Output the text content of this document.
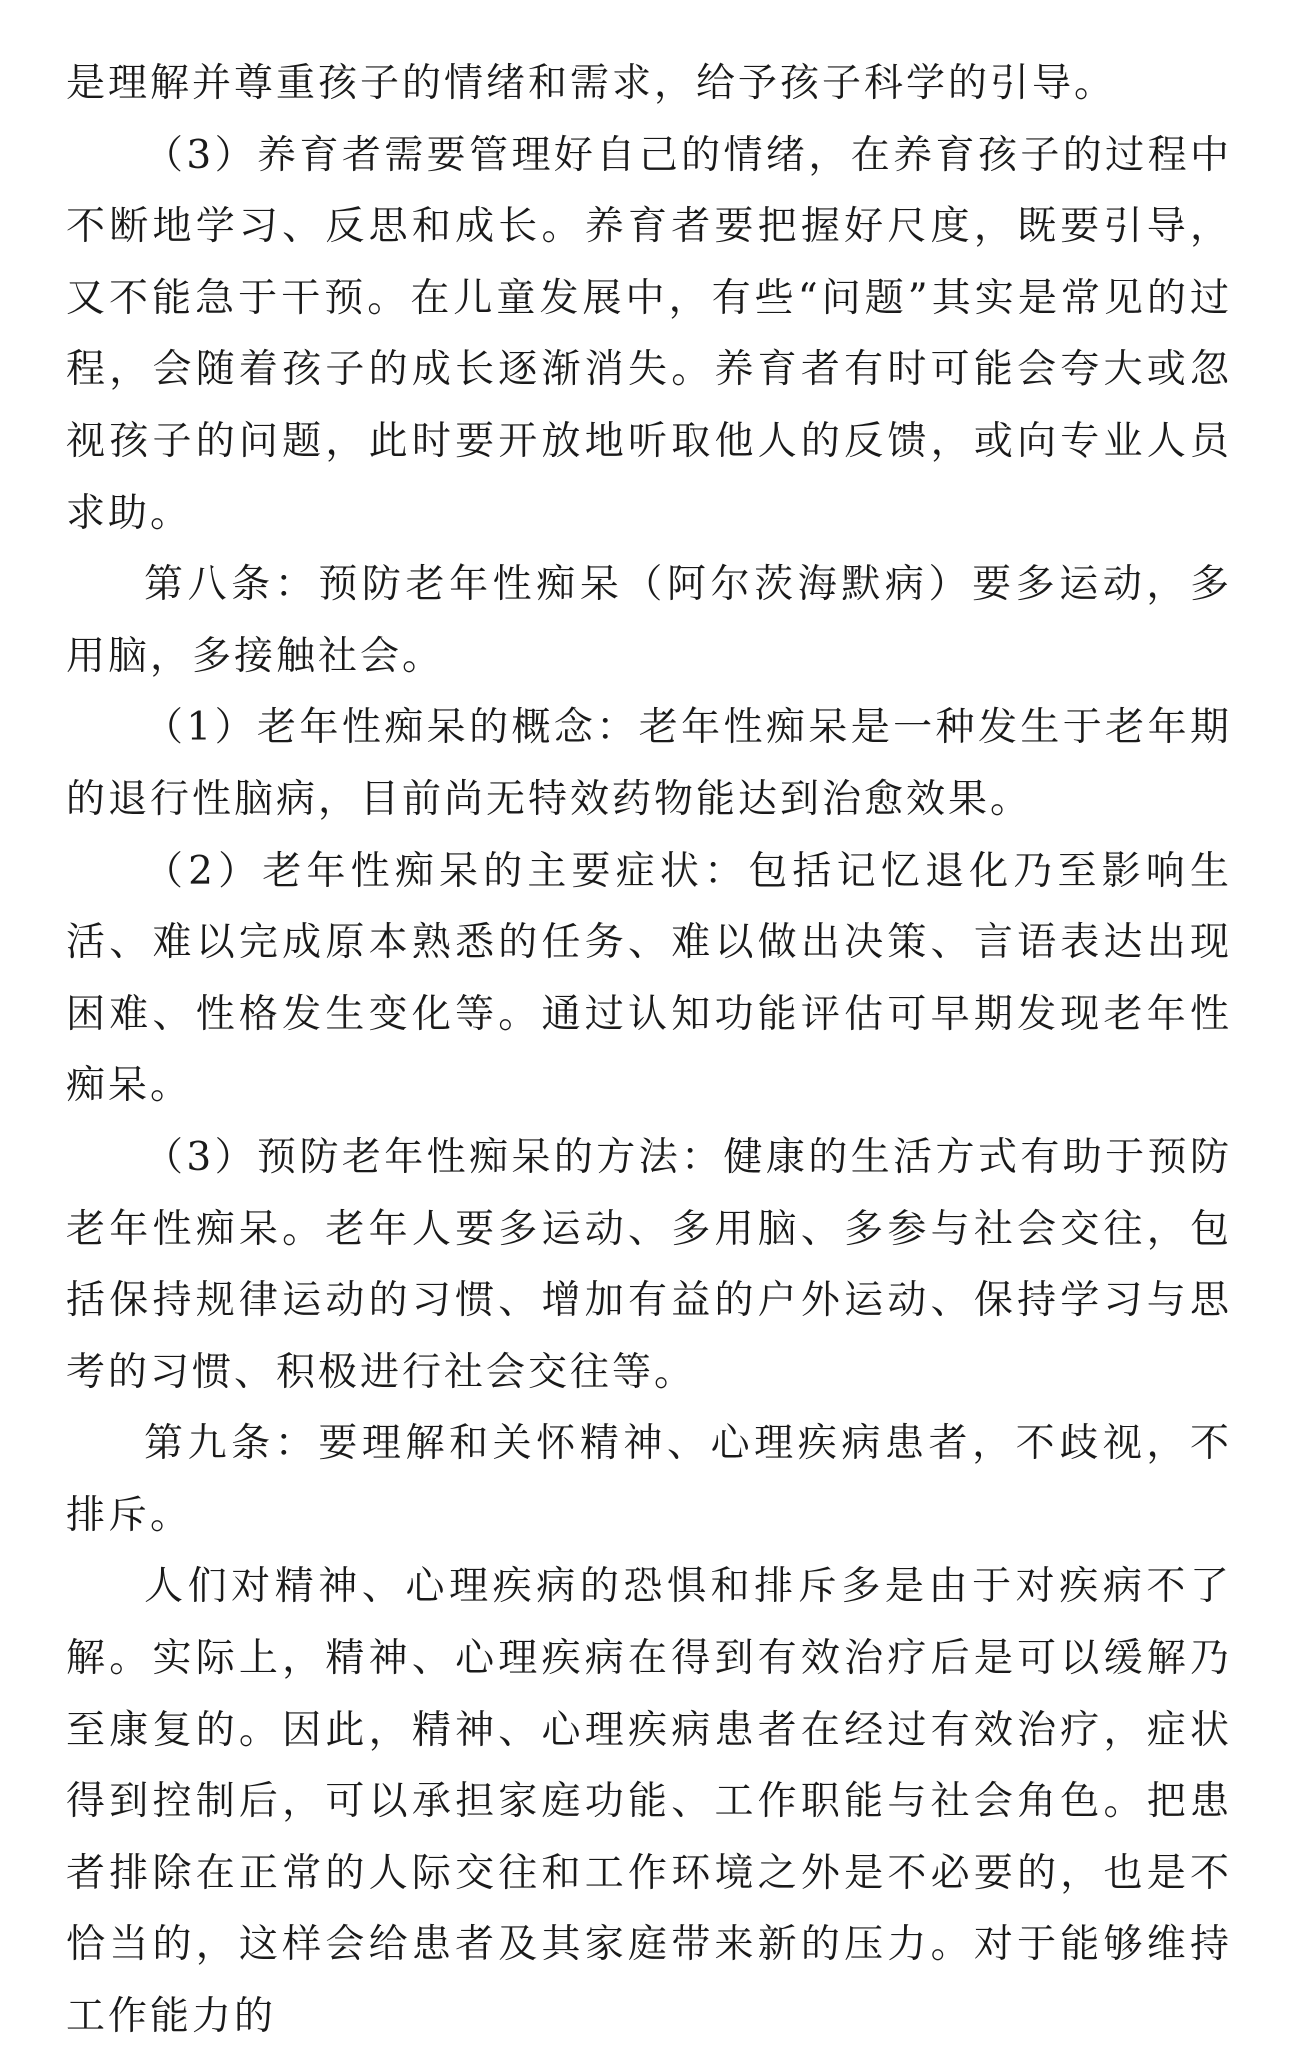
是理解并尊重孩子的情绪和需求，给予孩子科学的引导。

（3）养育者需要管理好自己的情绪，在养育孩子的过程中不断地学习、反思和成长。养育者要把握好尺度，既要引导，又不能急于干预。在儿童发展中，有些“问题”其实是常见的过程，会随着孩子的成长逐渐消失。养育者有时可能会夸大或忽视孩子的问题，此时要开放地听取他人的反馈，或向专业人员求助。

第八条：预防老年性痴呆（阿尔茨海默病）要多运动，多用脑，多接触社会。

（1）老年性痴呆的概念：老年性痴呆是一种发生于老年期的退行性脑病，目前尚无特效药物能达到治愈效果。

（2）老年性痴呆的主要症状：包括记忆退化乃至影响生活、难以完成原本熟悉的任务、难以做出决策、言语表达出现困难、性格发生变化等。通过认知功能评估可早期发现老年性痴呆。

（3）预防老年性痴呆的方法：健康的生活方式有助于预防老年性痴呆。老年人要多运动、多用脑、多参与社会交往，包括保持规律运动的习惯、增加有益的户外运动、保持学习与思考的习惯、积极进行社会交往等。

第九条：要理解和关怀精神、心理疾病患者，不歧视，不排斥。

人们对精神、心理疾病的恐惧和排斥多是由于对疾病不了解。实际上，精神、心理疾病在得到有效治疗后是可以缓解乃至康复的。因此，精神、心理疾病患者在经过有效治疗，症状得到控制后，可以承担家庭功能、工作职能与社会角色。把患者排除在正常的人际交往和工作环境之外是不必要的，也是不恰当的，这样会给患者及其家庭带来新的压力。对于能够维持工作能力的
